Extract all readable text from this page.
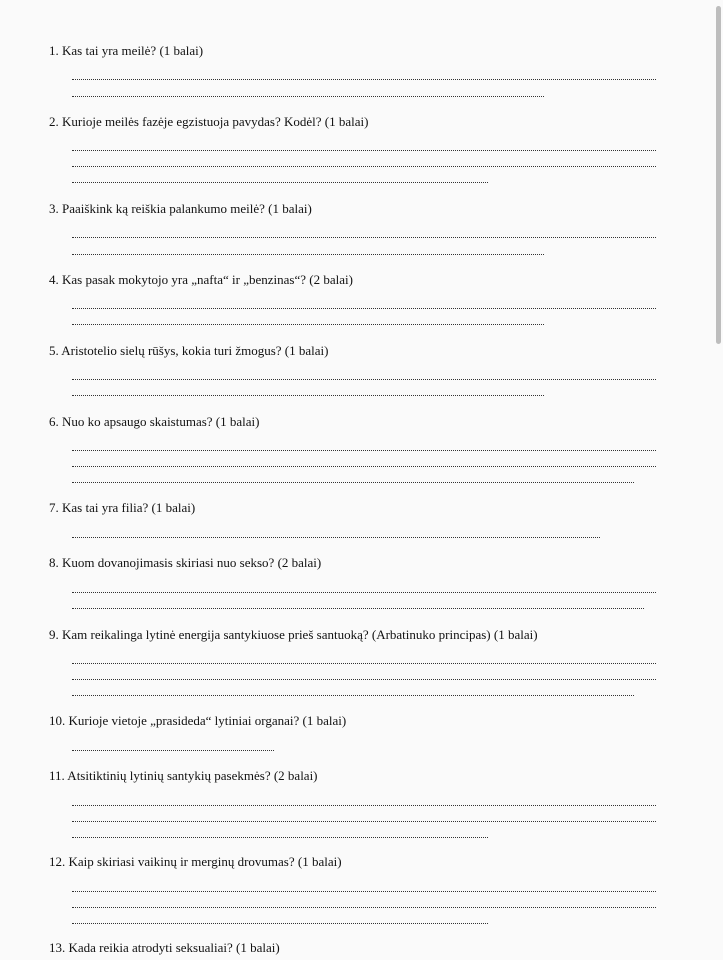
1. Kas tai yra meilė? (1 balai)
2. Kurioje meilės fazėje egzistuoja pavydas? Kodėl? (1 balai)
3. Paaiškink ką reiškia palankumo meilė? (1 balai)
4. Kas pasak mokytojo yra „nafta“ ir „benzinas“? (2 balai)
5. Aristotelio sielų rūšys, kokia turi žmogus? (1 balai)
6. Nuo ko apsaugo skaistumas? (1 balai)
7. Kas tai yra filia? (1 balai)
8. Kuom dovanojimasis skiriasi nuo sekso? (2 balai)
9. Kam reikalinga lytinė energija santykiuose prieš santuoką? (Arbatinuko principas) (1 balai)
10. Kurioje vietoje „prasideda“ lytiniai organai? (1 balai)
11. Atsitiktinių lytinių santykių pasekmės? (2 balai)
12. Kaip skiriasi vaikinų ir merginų drovumas? (1 balai)
13. Kada reikia atrodyti seksualiai? (1 balai)
